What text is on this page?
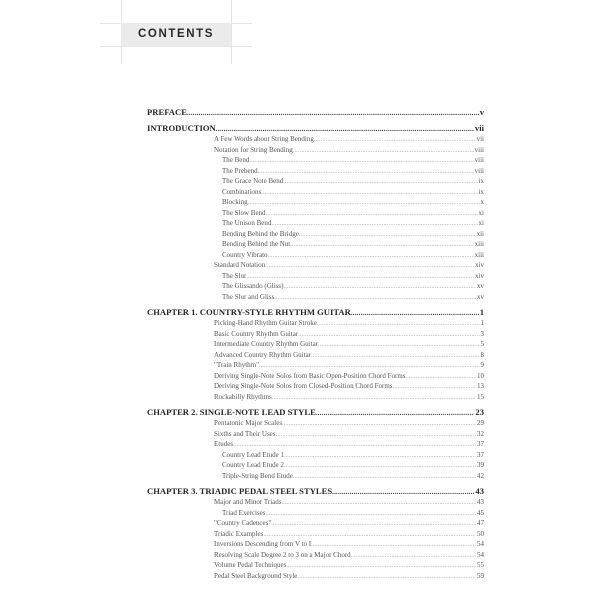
CONTENTS
PREFACE .....	v
INTRODUCTION .....	vii
A Few Words about String Bending .....	vii
Notation for String Bending .....	viii
The Bend .....	viii
The Prebend .....	viii
The Grace Note Bend .....	ix
Combinations .....	ix
Blocking .....	x
The Slow Bend .....	xi
The Unison Bend .....	xi
Bending Behind the Bridge .....	xii
Bending Behind the Nut .....	xiii
Country Vibrato .....	xiii
Standard Notation .....	xiv
The Slur .....	xiv
The Glissando (Gliss) .....	xv
The Slur and Gliss .....	xv
CHAPTER 1. COUNTRY-STYLE RHYTHM GUITAR .....	1
Picking-Hand Rhythm Guitar Stroke .....	1
Basic Country Rhythm Guitar .....	3
Intermediate Country Rhythm Guitar .....	5
Advanced Country Rhythm Guitar .....	8
"Train Rhythm" .....	9
Deriving Single-Note Solos from Basic Open-Position Chord Forms .....	10
Deriving Single-Note Solos from Closed-Position Chord Forms .....	13
Rockabilly Rhythms .....	15
CHAPTER 2. SINGLE-NOTE LEAD STYLE .....	23
Pentatonic Major Scales .....	29
Sixths and Their Uses .....	32
Etudes .....	37
Country Lead Etude 1 .....	37
Country Lead Etude 2 .....	39
Triple-String Bend Etude .....	42
CHAPTER 3. TRIADIC PEDAL STEEL STYLES .....	43
Major and Minor Triads .....	43
Triad Exercises .....	45
"Country Cadences" .....	47
Triadic Examples .....	50
Inversions Descending from V to I .....	54
Resolving Scale Degree 2 to 3 on a Major Chord .....	54
Volume Pedal Techniques .....	55
Pedal Steel Background Style .....	59
